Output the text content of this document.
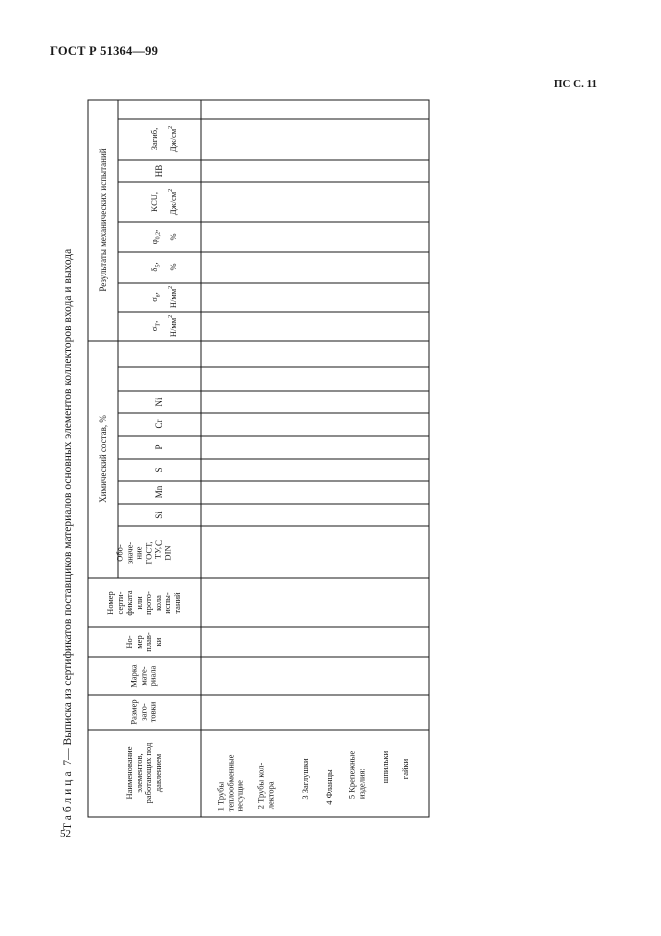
ГОСТ Р 51364—99
ПС С. 11
52
Таблица 7— Выписка из сертификатов поставщиков материалов основных элементов коллекторов входа и выхода
Результаты механических испытаний
Химический состав, %

Загиб, $Дж/см^2$

НВ

KCU, $Дж/см^2$

$\varphi_{0,2}$,

%

$\delta_5$, %

$\sigma_в$, $Н/мм^2$

$\sigma_T$, $Н/мм^2$

C
Si
Mn
S
P
Cr
Ni
Обо-
значе-
ние
ГОСТ,
ТУ,
DIN
Номер
серти-
фиката
или
прото-
кола
испы-
таний
Но-
мер
плав-
ки
Марка
мате-
риала
Размер
заго-
товки
Наименование
элементов,
работающих под
давлением
1 Трубы
теплообменные
несущие 2 Трубы кол-
лектора	3 Заглушки 4 Фланцы 5 Крепежные
изделия:
шпильки гайки
